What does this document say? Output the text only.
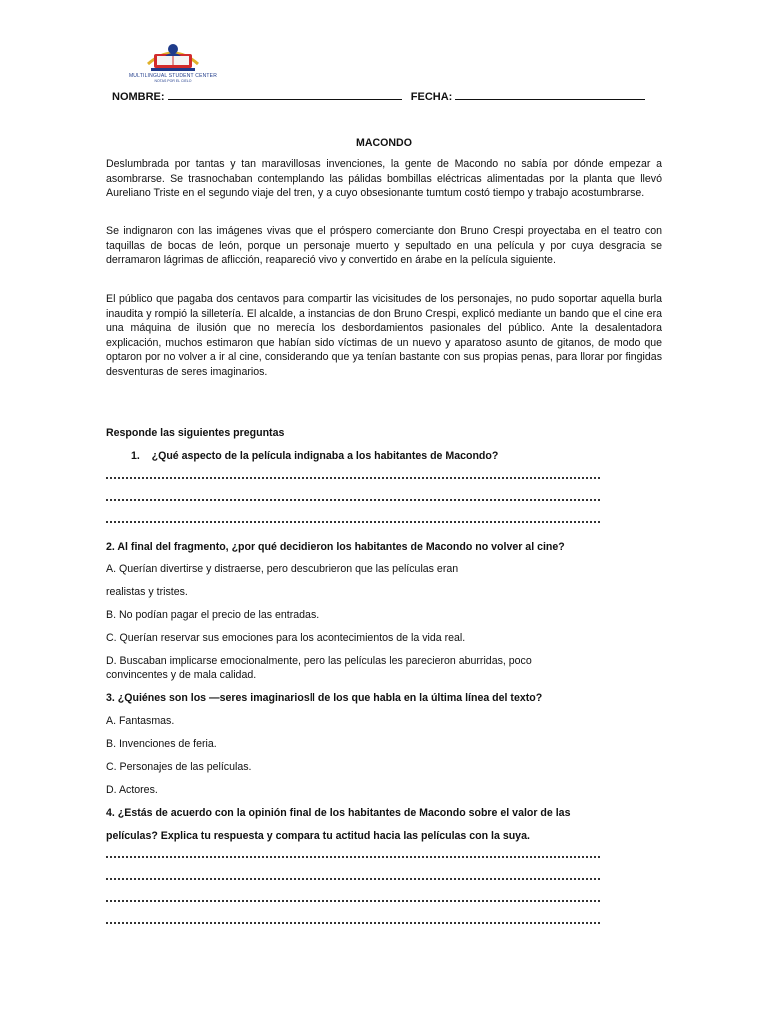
MULTILINGUAL STUDENT CENTER
NOTAS POR EL CIELO
NOMBRE:	FECHA:
MACONDO

Deslumbrada por tantas y tan maravillosas invenciones, la gente de Macondo no sabía por dónde empezar a asombrarse. Se trasnochaban contemplando las pálidas bombillas eléctricas alimentadas por la planta que llevó Aureliano Triste en el segundo viaje del tren, y a cuyo obsesionante tumtum costó tiempo y trabajo acostumbrarse.

Se indignaron con las imágenes vivas que el próspero comerciante don Bruno Crespi proyectaba en el teatro con taquillas de bocas de león, porque un personaje muerto y sepultado en una película y por cuya desgracia se derramaron lágrimas de aflicción, reapareció vivo y convertido en árabe en la película siguiente.

El público que pagaba dos centavos para compartir las vicisitudes de los personajes, no pudo soportar aquella burla inaudita y rompió la silletería. El alcalde, a instancias de don Bruno Crespi, explicó mediante un bando que el cine era una máquina de ilusión que no merecía los desbordamientos pasionales del público. Ante la desalentadora explicación, muchos estimaron que habían sido víctimas de un nuevo y aparatoso asunto de gitanos, de modo que optaron por no volver a ir al cine, considerando que ya tenían bastante con sus propias penas, para llorar por fingidas desventuras de seres imaginarios.

Responde las siguientes preguntas

1. ¿Qué aspecto de la película indignaba a los habitantes de Macondo?

2. Al final del fragmento, ¿por qué decidieron los habitantes de Macondo no volver al cine?

A. Querían divertirse y distraerse, pero descubrieron que las películas eran

realistas y tristes.

B. No podían pagar el precio de las entradas.

C. Querían reservar sus emociones para los acontecimientos de la vida real.

D. Buscaban implicarse emocionalmente, pero las películas les parecieron aburridas, poco

convincentes y de mala calidad.

3. ¿Quiénes son los ―seres imaginarios‖ de los que habla en la última línea del texto?

A. Fantasmas.

B. Invenciones de feria.

C. Personajes de las películas.

D. Actores.

4. ¿Estás de acuerdo con la opinión final de los habitantes de Macondo sobre el valor de las

películas? Explica tu respuesta y compara tu actitud hacia las películas con la suya.
